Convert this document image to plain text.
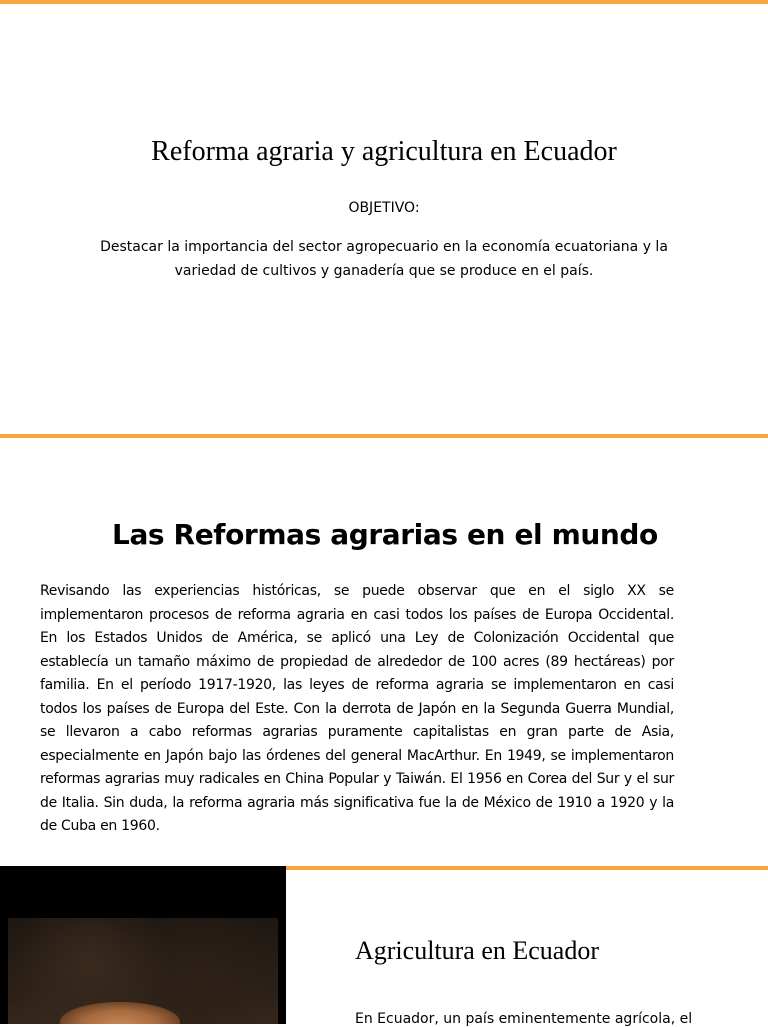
Reforma agraria y agricultura en Ecuador
OBJETIVO:

Destacar la importancia del sector agropecuario en la economía ecuatoriana y la variedad de cultivos y ganadería que se produce en el país.

Las Reformas agrarias en el mundo

Revisando las experiencias históricas, se puede observar que en el siglo XX se implementaron procesos de reforma agraria en casi todos los países de Europa Occidental. En los Estados Unidos de América, se aplicó una Ley de Colonización Occidental que establecía un tamaño máximo de propiedad de alrededor de 100 acres (89 hectáreas) por familia. En el período 1917-1920, las leyes de reforma agraria se implementaron en casi todos los países de Europa del Este. Con la derrota de Japón en la Segunda Guerra Mundial, se llevaron a cabo reformas agrarias puramente capitalistas en gran parte de Asia, especialmente en Japón bajo las órdenes del general MacArthur. En 1949, se implementaron reformas agrarias muy radicales en China Popular y Taiwán. El 1956 en Corea del Sur y el sur de Italia. Sin duda, la reforma agraria más significativa fue la de México de 1910 a 1920 y la de Cuba en 1960.

Agricultura en Ecuador

En Ecuador, un país eminentemente agrícola, el
